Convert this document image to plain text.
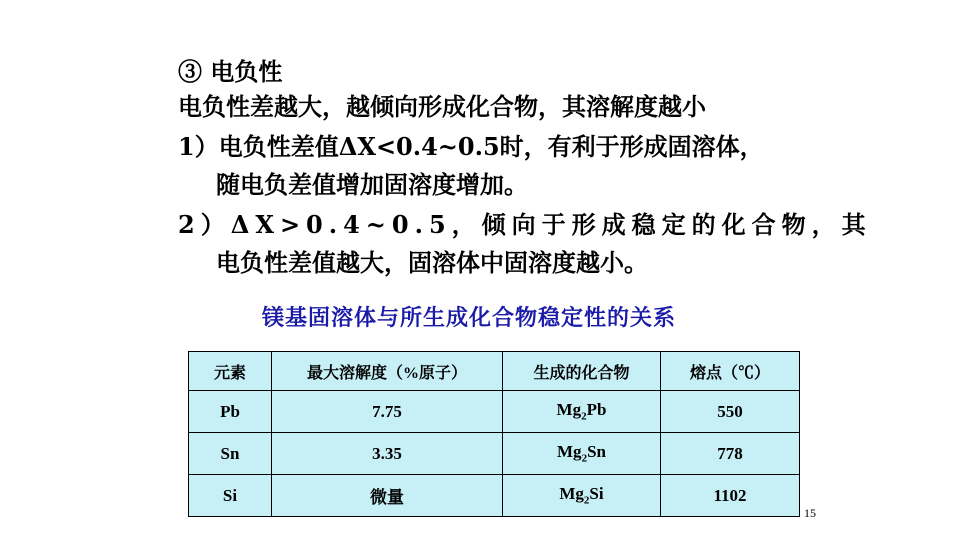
③ 电负性
电负性差越大，越倾向形成化合物，其溶解度越小
1）电负性差值ΔX<0.4~0.5时，有利于形成固溶体，
随电负差值增加固溶度增加。
2）ΔX>0.4~0.5，倾向于形成稳定的化合物，其
电负性差值越大，固溶体中固溶度越小。
镁基固溶体与所生成化合物稳定性的关系
元素	最大溶解度（%原子）	生成的化合物	熔点（℃）
Pb	7.75	$Mg_2Pb$	550
Sn	3.35	$Mg_2Sn$	778
Si	微量	$Mg_2Si$	1102
15
